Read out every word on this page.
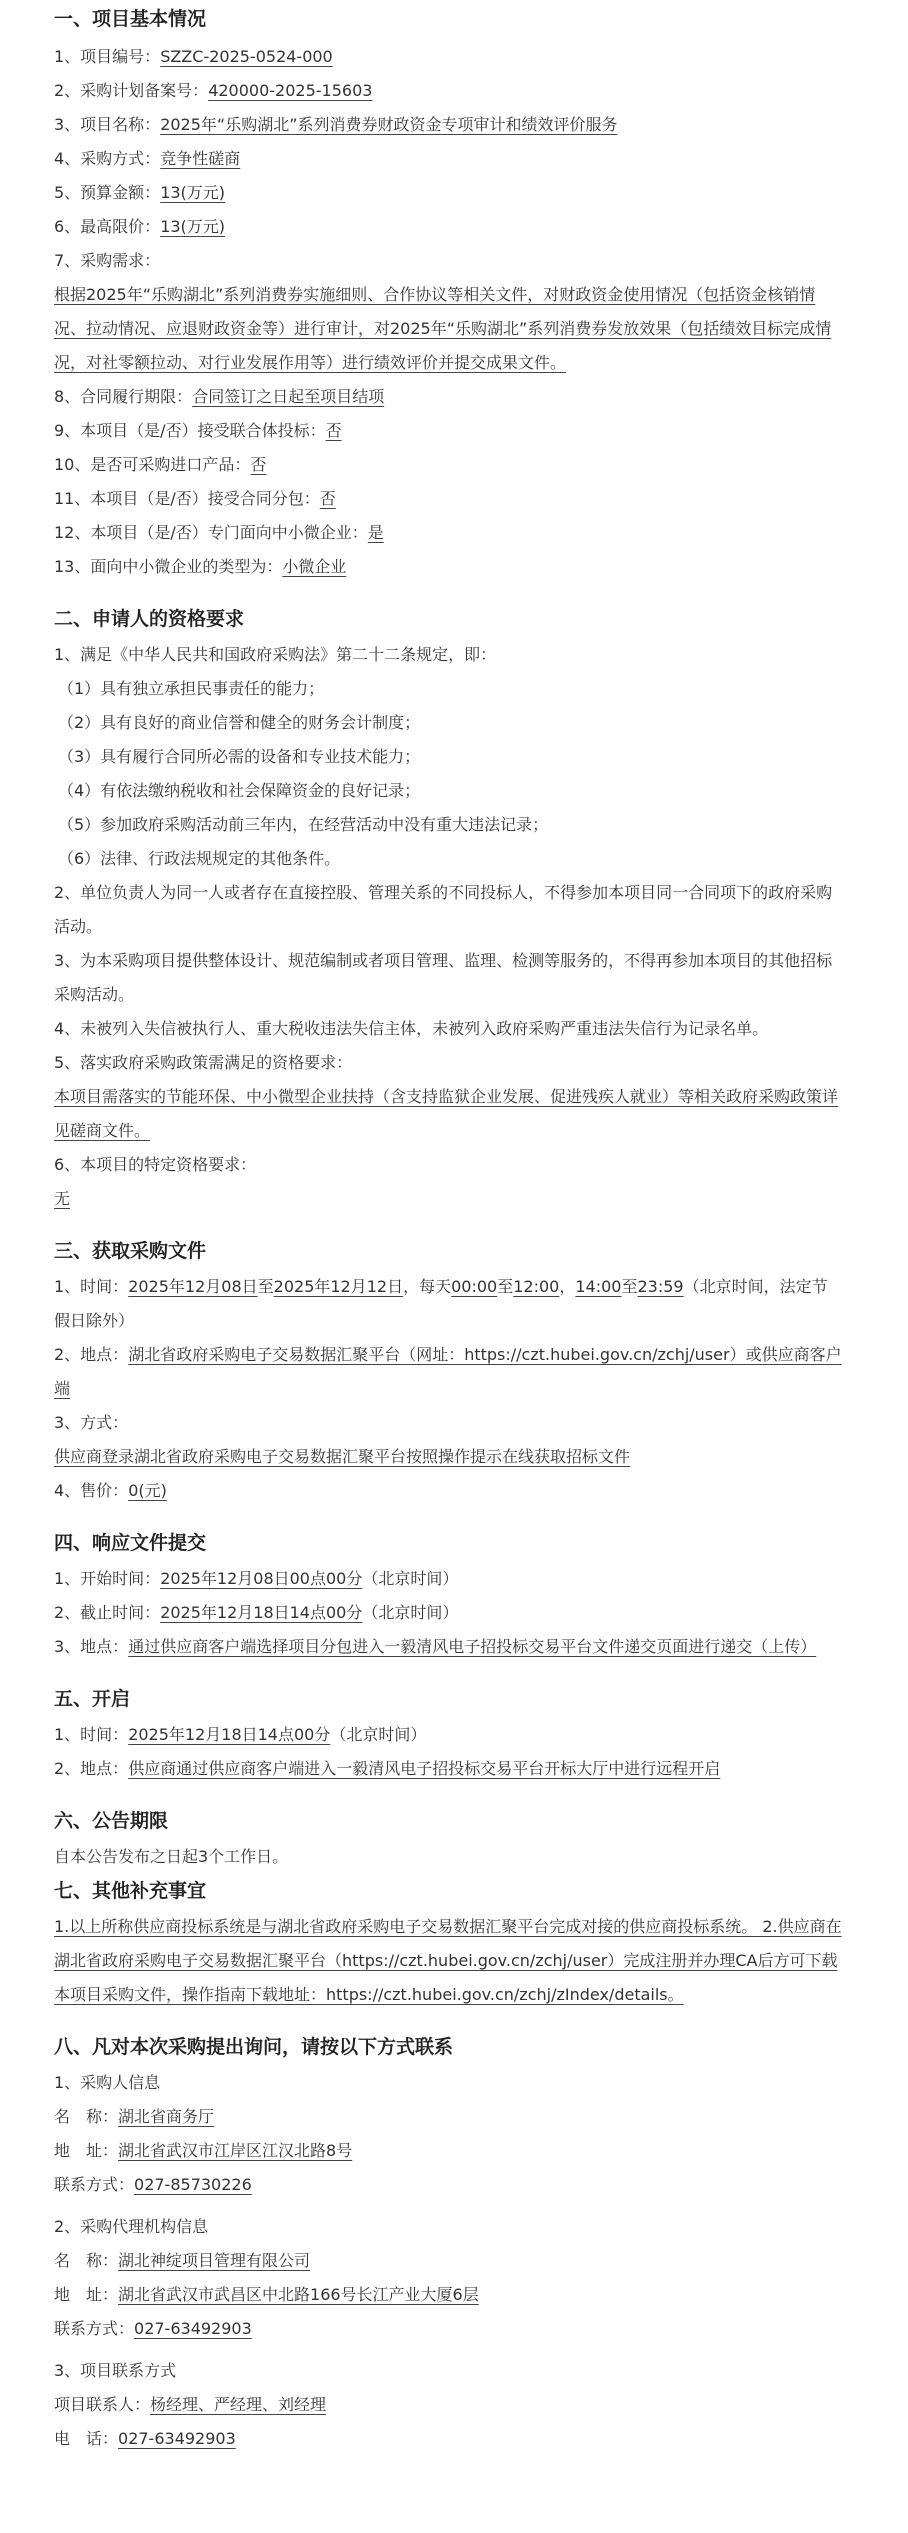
一、项目基本情况
1、项目编号：SZZC-2025-0524-000
2、采购计划备案号：420000-2025-15603
3、项目名称：2025年“乐购湖北”系列消费券财政资金专项审计和绩效评价服务
4、采购方式：竞争性磋商
5、预算金额：13(万元)
6、最高限价：13(万元)
7、采购需求：
根据2025年“乐购湖北”系列消费券实施细则、合作协议等相关文件，对财政资金使用情况（包括资金核销情况、拉动情况、应退财政资金等）进行审计，对2025年“乐购湖北”系列消费券发放效果（包括绩效目标完成情况，对社零额拉动、对行业发展作用等）进行绩效评价并提交成果文件。
8、合同履行期限：合同签订之日起至项目结项
9、本项目（是/否）接受联合体投标：否
10、是否可采购进口产品：否
11、本项目（是/否）接受合同分包：否
12、本项目（是/否）专门面向中小微企业：是
13、面向中小微企业的类型为：小微企业
二、申请人的资格要求
1、满足《中华人民共和国政府采购法》第二十二条规定，即：
（1）具有独立承担民事责任的能力；
（2）具有良好的商业信誉和健全的财务会计制度；
（3）具有履行合同所必需的设备和专业技术能力；
（4）有依法缴纳税收和社会保障资金的良好记录；
（5）参加政府采购活动前三年内，在经营活动中没有重大违法记录；
（6）法律、行政法规规定的其他条件。
2、单位负责人为同一人或者存在直接控股、管理关系的不同投标人，不得参加本项目同一合同项下的政府采购活动。
3、为本采购项目提供整体设计、规范编制或者项目管理、监理、检测等服务的，不得再参加本项目的其他招标采购活动。
4、未被列入失信被执行人、重大税收违法失信主体，未被列入政府采购严重违法失信行为记录名单。
5、落实政府采购政策需满足的资格要求：
本项目需落实的节能环保、中小微型企业扶持（含支持监狱企业发展、促进残疾人就业）等相关政府采购政策详见磋商文件。
6、本项目的特定资格要求：
无
三、获取采购文件
1、时间：2025年12月08日至2025年12月12日，每天00:00至12:00，14:00至23:59（北京时间，法定节假日除外）
2、地点：湖北省政府采购电子交易数据汇聚平台（网址：https://czt.hubei.gov.cn/zchj/user）或供应商客户端
3、方式：
供应商登录湖北省政府采购电子交易数据汇聚平台按照操作提示在线获取招标文件
4、售价：0(元)
四、响应文件提交
1、开始时间：2025年12月08日00点00分（北京时间）
2、截止时间：2025年12月18日14点00分（北京时间）
3、地点：通过供应商客户端选择项目分包进入一毅清风电子招投标交易平台文件递交页面进行递交（上传）
五、开启
1、时间：2025年12月18日14点00分（北京时间）
2、地点：供应商通过供应商客户端进入一毅清风电子招投标交易平台开标大厅中进行远程开启
六、公告期限
自本公告发布之日起3个工作日。
七、其他补充事宜
1.以上所称供应商投标系统是与湖北省政府采购电子交易数据汇聚平台完成对接的供应商投标系统。 2.供应商在湖北省政府采购电子交易数据汇聚平台（https://czt.hubei.gov.cn/zchj/user）完成注册并办理CA后方可下载本项目采购文件，操作指南下载地址：https://czt.hubei.gov.cn/zchj/zIndex/details。
八、凡对本次采购提出询问，请按以下方式联系
1、采购人信息
名　称：湖北省商务厅
地　址：湖北省武汉市江岸区江汉北路8号
联系方式：027-85730226
2、采购代理机构信息
名　称：湖北神绽项目管理有限公司
地　址：湖北省武汉市武昌区中北路166号长江产业大厦6层
联系方式：027-63492903
3、项目联系方式
项目联系人：杨经理、严经理、刘经理
电　话：027-63492903
